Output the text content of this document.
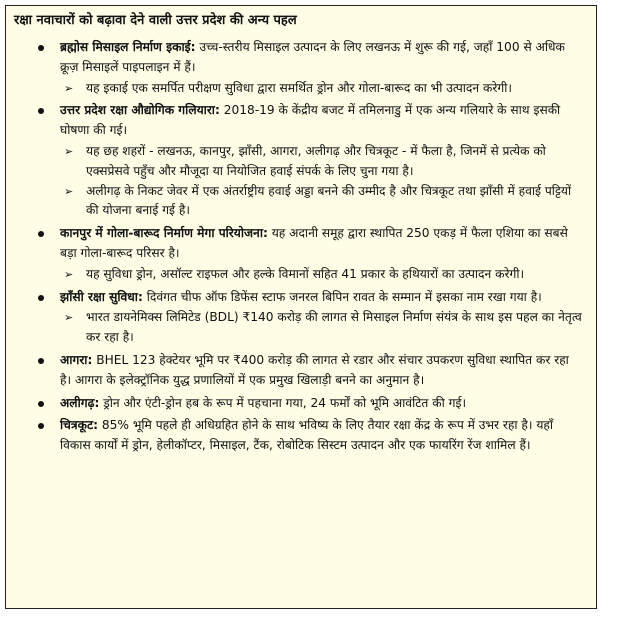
रक्षा नवाचारों को बढ़ावा देने वाली उत्तर प्रदेश की अन्य पहल

ब्रह्मोस मिसाइल निर्माण इकाई: उच्च-स्तरीय मिसाइल उत्पादन के लिए लखनऊ में शुरू की गई, जहाँ 100 से अधिक क्रूज़ मिसाइलें पाइपलाइन में हैं।

➢ यह इकाई एक समर्पित परीक्षण सुविधा द्वारा समर्थित ड्रोन और गोला-बारूद का भी उत्पादन करेगी।

उत्तर प्रदेश रक्षा औद्योगिक गलियारा: 2018-19 के केंद्रीय बजट में तमिलनाडु में एक अन्य गलियारे के साथ इसकी घोषणा की गई।

➢ यह छह शहरों - लखनऊ, कानपुर, झाँसी, आगरा, अलीगढ़ और चित्रकूट - में फैला है, जिनमें से प्रत्येक को एक्सप्रेसवे पहुँच और मौजूदा या नियोजित हवाई संपर्क के लिए चुना गया है।
➢ अलीगढ़ के निकट जेवर में एक अंतर्राष्ट्रीय हवाई अड्डा बनने की उम्मीद है और चित्रकूट तथा झाँसी में हवाई पट्टियों की योजना बनाई गई है।

कानपुर में गोला-बारूद निर्माण मेगा परियोजना: यह अदानी समूह द्वारा स्थापित 250 एकड़ में फैला एशिया का सबसे बड़ा गोला-बारूद परिसर है।

➢ यह सुविधा ड्रोन, असॉल्ट राइफल और हल्के विमानों सहित 41 प्रकार के हथियारों का उत्पादन करेगी।

झाँसी रक्षा सुविधा: दिवंगत चीफ ऑफ डिफेंस स्टाफ जनरल बिपिन रावत के सम्मान में इसका नाम रखा गया है।

➢ भारत डायनेमिक्स लिमिटेड (BDL) ₹140 करोड़ की लागत से मिसाइल निर्माण संयंत्र के साथ इस पहल का नेतृत्व कर रहा है।

आगरा: BHEL 123 हेक्टेयर भूमि पर ₹400 करोड़ की लागत से रडार और संचार उपकरण सुविधा स्थापित कर रहा है। आगरा के इलेक्ट्रॉनिक युद्ध प्रणालियों में एक प्रमुख खिलाड़ी बनने का अनुमान है।

अलीगढ़: ड्रोन और एंटी-ड्रोन हब के रूप में पहचाना गया, 24 फर्मों को भूमि आवंटित की गई।

चित्रकूट: 85% भूमि पहले ही अधिग्रहित होने के साथ भविष्य के लिए तैयार रक्षा केंद्र के रूप में उभर रहा है। यहाँ विकास कार्यों में ड्रोन, हेलीकॉप्टर, मिसाइल, टैंक, रोबोटिक सिस्टम उत्पादन और एक फायरिंग रेंज शामिल हैं।
